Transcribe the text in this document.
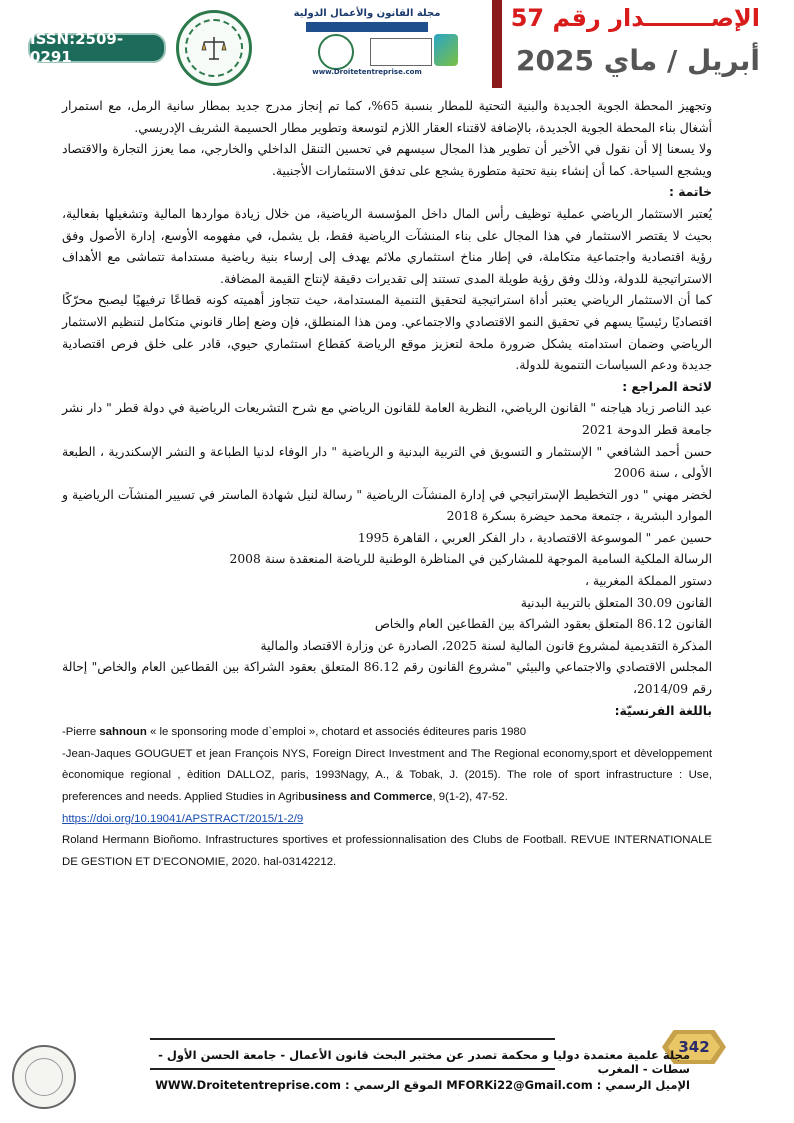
ISSN:2509-0291
مجلة القانون والأعمال الدولية
www.Droitetentreprise.com
الإصــــــــدار رقم 57
أبريل / ماي 2025

وتجهيز المحطة الجوية الجديدة والبنية التحتية للمطار بنسبة 65%، كما تم إنجاز مدرج جديد بمطار سانية الرمل، مع استمرار أشغال بناء المحطة الجوية الجديدة، بالإضافة لاقتناء العقار اللازم لتوسعة وتطوير مطار الحسيمة الشريف الإدريسي.

ولا يسعنا إلا أن نقول في الأخير أن تطوير هذا المجال سيسهم في تحسين التنقل الداخلي والخارجي، مما يعزز التجارة والاقتصاد ويشجع السياحة. كما أن إنشاء بنية تحتية متطورة يشجع على تدفق الاستثمارات الأجنبية.

خاتمة :

يُعتبر الاستثمار الرياضي عملية توظيف رأس المال داخل المؤسسة الرياضية، من خلال زيادة مواردها المالية وتشغيلها بفعالية، بحيث لا يقتصر الاستثمار في هذا المجال على بناء المنشآت الرياضية فقط، بل يشمل، في مفهومه الأوسع، إدارة الأصول وفق رؤية اقتصادية واجتماعية متكاملة، في إطار مناخ استثماري ملائم يهدف إلى إرساء بنية رياضية مستدامة تتماشى مع الأهداف الاستراتيجية للدولة، وذلك وفق رؤية طويلة المدى تستند إلى تقديرات دقيقة لإنتاج القيمة المضافة.

كما أن الاستثمار الرياضي يعتبر أداة استراتيجية لتحقيق التنمية المستدامة، حيث تتجاوز أهميته كونه قطاعًا ترفيهيًا ليصبح محرّكًا اقتصاديًا رئيسيًا يسهم في تحقيق النمو الاقتصادي والاجتماعي. ومن هذا المنطلق، فإن وضع إطار قانوني متكامل لتنظيم الاستثمار الرياضي وضمان استدامته يشكل ضرورة ملحة لتعزيز موقع الرياضة كقطاع استثماري حيوي، قادر على خلق فرص اقتصادية جديدة ودعم السياسات التنموية للدولة.

لائحة المراجع :

عبد الناصر زياد هياجنه " القانون الرياضي، النظرية العامة للقانون الرياضي مع شرح التشريعات الرياضية في دولة قطر " دار نشر جامعة قطر الدوحة 2021

حسن أحمد الشافعي " الإستثمار و التسويق في التربية البدنية و الرياضية " دار الوفاء لدنيا الطباعة و النشر الإسكندرية ، الطبعة الأولى ، سنة 2006

لخضر مهني " دور التخطيط الإستراتيجي في إدارة المنشآت الرياضية " رسالة لنيل شهادة الماستر في تسيير المنشآت الرياضية و الموارد البشرية ، جتمعة محمد حيضرة بسكرة 2018

حسين عمر " الموسوعة الاقتصادية ، دار الفكر العربي ، القاهرة 1995

الرسالة الملكية السامية الموجهة للمشاركين في المناظرة الوطنية للرياضة المنعقدة سنة 2008

دستور المملكة المغربية ،

القانون 30.09 المتعلق بالتربية البدنية

القانون 86.12 المتعلق بعقود الشراكة بين القطاعين العام والخاص

المذكرة التقديمية لمشروع قانون المالية لسنة 2025، الصادرة عن وزارة الاقتصاد والمالية

المجلس الاقتصادي والاجتماعي والبيئي "مشروع القانون رقم 86.12 المتعلق بعقود الشراكة بين القطاعين العام والخاص" إحالة رقم 2014/09،

باللغة الفرنسيّة:

-Pierre sahnoun « le sponsoring mode d`emploi », chotard et associés éditeures paris 1980

-Jean-Jaques GOUGUET et jean François NYS, Foreign Direct Investment and The Regional economy,sport et dèveloppement èconomique regional , èdition DALLOZ, paris, 1993Nagy, A., & Tobak, J. (2015). The role of sport infrastructure : Use, preferences and needs. Applied Studies in Agribusiness and Commerce, 9(1-2), 47-52.
https://doi.org/10.19041/APSTRACT/2015/1-2/9

Roland Hermann Bioñomo. Infrastructures sportives et professionnalisation des Clubs de Football. REVUE INTERNATIONALE DE GESTION ET D'ECONOMIE, 2020. hal-03142212.

342
مجلة علمية معتمدة دوليا و محكمة تصدر عن مختبر البحث قانون الأعمال - جامعة الحسن الأول - سطات - المغرب
الإميل الرسمي : MFORKi22@Gmail.com الموقع الرسمي : WWW.Droitetentreprise.com
